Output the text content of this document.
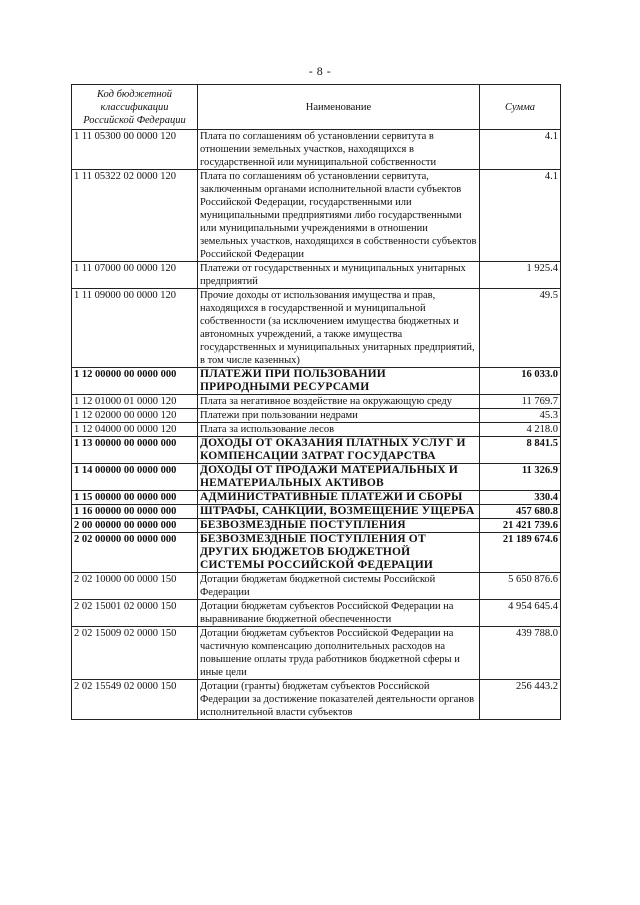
- 8 -
Код бюджетной классификации Российской Федерации	Наименование	Сумма
1 11 05300 00 0000 120	Плата по соглашениям об установлении сервитута в отношении земельных участков, находящихся в государственной или муниципальной собственности	4.1
1 11 05322 02 0000 120	Плата по соглашениям об установлении сервитута, заключенным органами исполнительной власти субъектов Российской Федерации, государственными или муниципальными предприятиями либо государственными или муниципальными учреждениями в отношении земельных участков, находящихся в собственности субъектов Российской Федерации	4.1
1 11 07000 00 0000 120	Платежи от государственных и муниципальных унитарных предприятий	1 925.4
1 11 09000 00 0000 120	Прочие доходы от использования имущества и прав, находящихся в государственной и муниципальной собственности (за исключением имущества бюджетных и автономных учреждений, а также имущества государственных и муниципальных унитарных предприятий, в том числе казенных)	49.5
1 12 00000 00 0000 000	ПЛАТЕЖИ ПРИ ПОЛЬЗОВАНИИ ПРИРОДНЫМИ РЕСУРСАМИ	16 033.0
1 12 01000 01 0000 120	Плата за негативное воздействие на окружающую среду	11 769.7
1 12 02000 00 0000 120	Платежи при пользовании недрами	45.3
1 12 04000 00 0000 120	Плата за использование лесов	4 218.0
1 13 00000 00 0000 000	ДОХОДЫ ОТ ОКАЗАНИЯ ПЛАТНЫХ УСЛУГ И КОМПЕНСАЦИИ ЗАТРАТ ГОСУДАРСТВА	8 841.5
1 14 00000 00 0000 000	ДОХОДЫ ОТ ПРОДАЖИ МАТЕРИАЛЬНЫХ И НЕМАТЕРИАЛЬНЫХ АКТИВОВ	11 326.9
1 15 00000 00 0000 000	АДМИНИСТРАТИВНЫЕ ПЛАТЕЖИ И СБОРЫ	330.4
1 16 00000 00 0000 000	ШТРАФЫ, САНКЦИИ, ВОЗМЕЩЕНИЕ УЩЕРБА	457 680.8
2 00 00000 00 0000 000	БЕЗВОЗМЕЗДНЫЕ ПОСТУПЛЕНИЯ	21 421 739.6
2 02 00000 00 0000 000	БЕЗВОЗМЕЗДНЫЕ ПОСТУПЛЕНИЯ ОТ ДРУГИХ БЮДЖЕТОВ БЮДЖЕТНОЙ СИСТЕМЫ РОССИЙСКОЙ ФЕДЕРАЦИИ	21 189 674.6
2 02 10000 00 0000 150	Дотации бюджетам бюджетной системы Российской Федерации	5 650 876.6
2 02 15001 02 0000 150	Дотации бюджетам субъектов Российской Федерации на выравнивание бюджетной обеспеченности	4 954 645.4
2 02 15009 02 0000 150	Дотации бюджетам субъектов Российской Федерации на частичную компенсацию дополнительных расходов на повышение оплаты труда работников бюджетной сферы и иные цели	439 788.0
2 02 15549 02 0000 150	Дотации (гранты) бюджетам субъектов Российской Федерации за достижение показателей деятельности органов исполнительной власти субъектов	256 443.2
